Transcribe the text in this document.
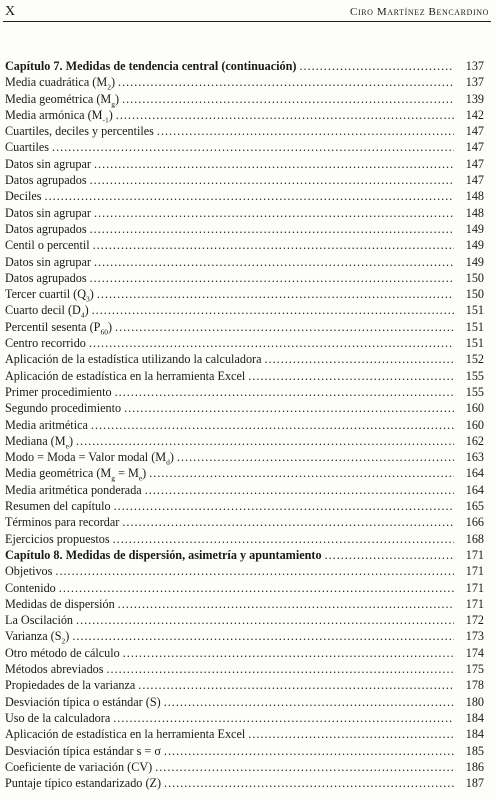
X	Ciro Martínez Bencardino
Capítulo 7. Medidas de tendencia central (continuación) .....	137
Media cuadrática $(M_2)$ .....	137
Media geométrica $(M_g)$ .....	139
Media armónica $(M_{-1})$ .....	142
Cuartiles, deciles y percentiles .....	147
Cuartiles .....	147
Datos sin agrupar .....	147
Datos agrupados .....	147
Deciles .....	148
Datos sin agrupar .....	148
Datos agrupados .....	149
Centil o percentil .....	149
Datos sin agrupar .....	149
Datos agrupados .....	150
Tercer cuartil $(Q_3)$ .....	150
Cuarto decil $(D_4)$ .....	151
Percentil sesenta $(P_{60})$ .....	151
Centro recorrido .....	151
Aplicación de la estadística utilizando la calculadora .....	152
Aplicación de estadística en la herramienta Excel .....	155
Primer procedimiento .....	155
Segundo procedimiento .....	160
Media aritmética .....	160
Mediana $(M_e)$ .....	162
Modo = Moda = Valor modal $(M_d)$ .....	163
Media geométrica $(M_g = M_e)$ .....	164
Media aritmética ponderada .....	164
Resumen del capítulo .....	165
Términos para recordar .....	166
Ejercicios propuestos .....	168
Capítulo 8. Medidas de dispersión, asimetría y apuntamiento .....	171
Objetivos .....	171
Contenido .....	171
Medidas de dispersión .....	171
La Oscilación .....	172
Varianza $(S_2)$ .....	173
Otro método de cálculo .....	174
Métodos abreviados .....	175
Propiedades de la varianza .....	178
Desviación típica o estándar (S) .....	180
Uso de la calculadora .....	184
Aplicación de estadística en la herramienta Excel .....	184
Desviación típica estándar s = σ .....	185
Coeficiente de variación (CV) .....	186
Puntaje típico estandarizado (Z) .....	187
